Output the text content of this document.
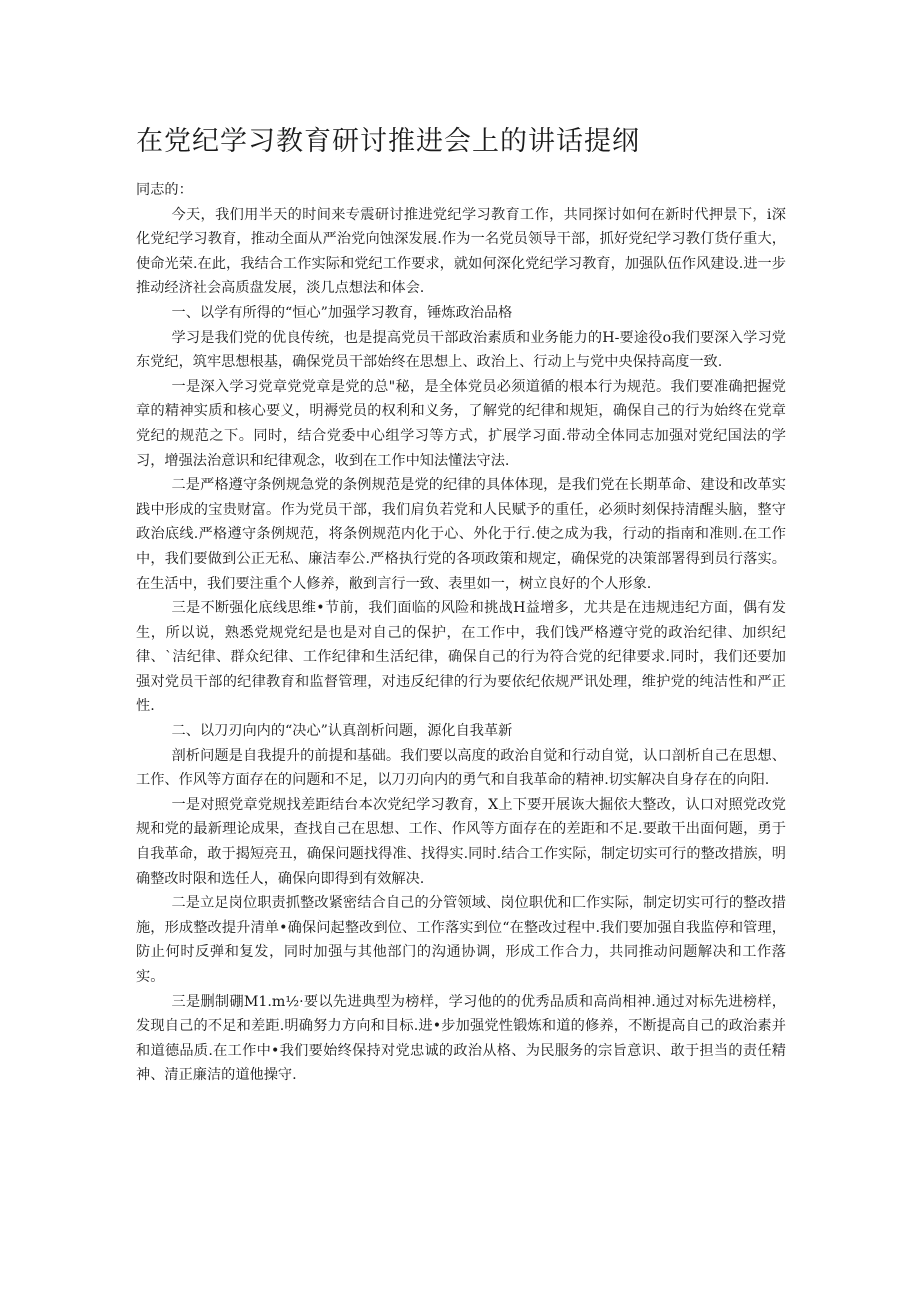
在党纪学习教育研讨推进会上的讲话提纲

同志的：

今天，我们用半天的时间来专震研讨推进党纪学习教育工作，共同探讨如何在新时代押景下，i深化党纪学习教育，推动全面从严治党向蚀深发展.作为一名党员领导干部，抓好党纪学习教仃货仔重大，使命光荣.在此，我结合工作实际和党纪工作要求，就如何深化党纪学习教育，加强队伍作风建设.进一步推动经济社会高质盘发展，淡几点想法和体会.

一、以学有所得的“恒心”加强学习教育，锤炼政治品格

学习是我们党的优良传统，也是提高党员干部政治素质和业务能力的H-要途役o我们要深入学习党东党纪，筑牢思想根基，确保党员干部始终在思想上、政治上、行动上与党中央保持高度一致.

一是深入学习党章党党章是党的总"秘，是全体党员必须道循的根本行为规范。我们要准确把握党章的精神实质和核心要义，明褥党员的权利和义务，了解党的纪律和规矩，确保自己的行为始终在党章党纪的规范之下。同时，结合党委中心组学习等方式，扩展学习面.带动全体同志加强对党纪国法的学习，增强法治意识和纪律观念，收到在工作中知法懂法守法.

二是严格遵守条例规急党的条例规范是党的纪律的具体体现，是我们党在长期革命、建设和改革实践中形成的宝贵财富。作为党员干部，我们肩负若党和人民赋予的重任，必须时刻保持清醒头脑，整守政治底线.严格遵守条例规范，将条例规范内化于心、外化于行.使之成为我，行动的指南和准则.在工作中，我们要做到公正无私、廉洁奉公.严格执行党的各项政策和规定，确保党的决策部署得到员行落实。在生活中，我们要注重个人修养，敝到言行一致、表里如一，树立良好的个人形象.

三是不断强化底线思维•节前，我们面临的风险和挑战H益增多，尤共是在违规违纪方面，偶有发生，所以说，熟悉党规党纪是也是对自己的保护，在工作中，我们饯严格遵守党的政治纪律、加织纪律、`洁纪律、群众纪律、工作纪律和生活纪律，确保自己的行为符合党的纪律要求.同时，我们还要加强对党员干部的纪律教育和监督管理，对违反纪律的行为要依纪依规严讯处理，维护党的纯洁性和严正性.

二、以刀刃向内的“决心”认真剖析问题，源化自我革新

剖析问题是自我提升的前提和基础。我们要以高度的政治自觉和行动自觉，认口剖析自己在思想、工作、作风等方面存在的问题和不足，以刀刃向内的勇气和自我革命的精神.切实解决自身存在的向阳.

一是对照党章党规找差距结台本次党纪学习教育，X上下要开展诙大掘依大整改，认口对照党改党规和党的最新理论成果，查找自己在思想、工作、作风等方面存在的差距和不足.要敢干出面何题，勇于自我革命，敢于揭短亮丑，确保问题找得准、找得实.同时.结合工作实际，制定切实可行的整改措族，明确整改时限和选任人，确保向即得到有效解决.

二是立足岗位职责抓整改紧密结合自己的分管领域、岗位职优和匚作实际，制定切实可行的整改措施，形成整改提升清单•确保问起整改到位、工作落实到位“在整改过程中.我们要加强自我监停和管理，防止何时反弹和复发，同时加强与其他部门的沟通协调，形成工作合力，共同推动问题解决和工作落实。

三是删制硼M1.m½·要以先进典型为榜样，学习他的的优秀品质和高尚相神.通过对标先进榜样，发现自己的不足和差距.明确努力方向和目标.进•步加强党性锻炼和道的修养，不断提高自己的政治素并和道德品质.在工作中•我们要始终保持对党忠诚的政治从格、为民服务的宗旨意识、敢于担当的责任精神、清正廉洁的道他操守.
